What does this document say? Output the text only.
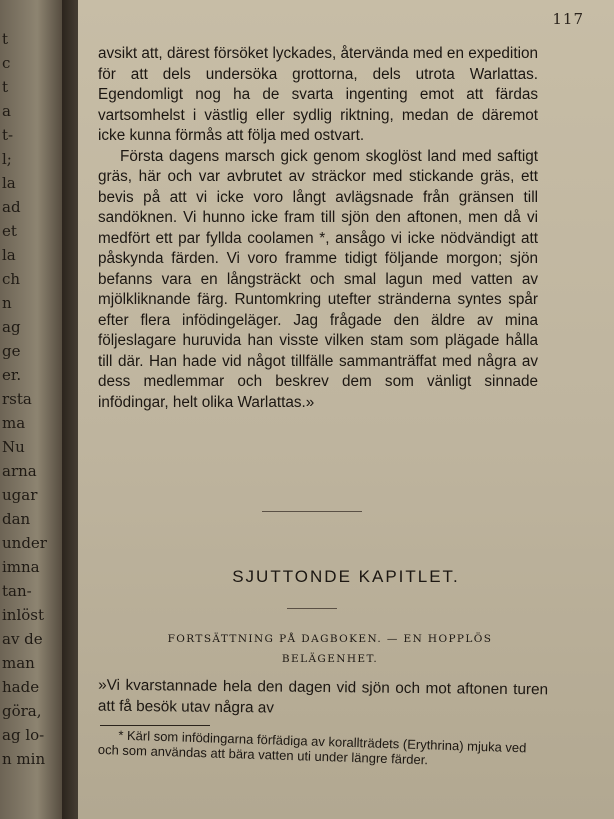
t
c
t
a
t-
l;
la
ad
et
la
ch
n
ag
ge
er.
rsta
ma
Nu
arna
ugar
dan
under
imna
tan-
inlöst
av de
man
hade
göra,
ag lo-
n min
117

avsikt att, därest försöket lyckades, återvända med en expedition för att dels undersöka grottorna, dels utrota Warlattas. Egendomligt nog ha de svarta ingenting emot att färdas vartsomhelst i västlig eller sydlig riktning, medan de däremot icke kunna förmås att följa med ostvart.

Första dagens marsch gick genom skoglöst land med saftigt gräs, här och var avbrutet av sträckor med stickande gräs, ett bevis på att vi icke voro långt avlägsnade från gränsen till sandöknen. Vi hunno icke fram till sjön den aftonen, men då vi medfört ett par fyllda coolamen *, ansågo vi icke nödvändigt att påskynda färden. Vi voro framme tidigt följande morgon; sjön befanns vara en långsträckt och smal lagun med vatten av mjölkliknande färg. Runtomkring utefter stränderna syntes spår efter flera infödingeläger. Jag frågade den äldre av mina följeslagare huruvida han visste vilken stam som plägade hålla till där. Han hade vid något tillfälle sammanträffat med några av dess medlemmar och beskrev dem som vänligt sinnade infödingar, helt olika Warlattas.»

SJUTTONDE KAPITLET.
FORTSÄTTNING PÅ DAGBOKEN. — EN HOPPLÖS BELÄGENHET.
»Vi kvarstannade hela den dagen vid sjön och mot aftonen turen att få besök utav några av

* Kärl som infödingarna förfädiga av korallträdets (Erythrina) mjuka ved och som användas att bära vatten uti under längre färder.
